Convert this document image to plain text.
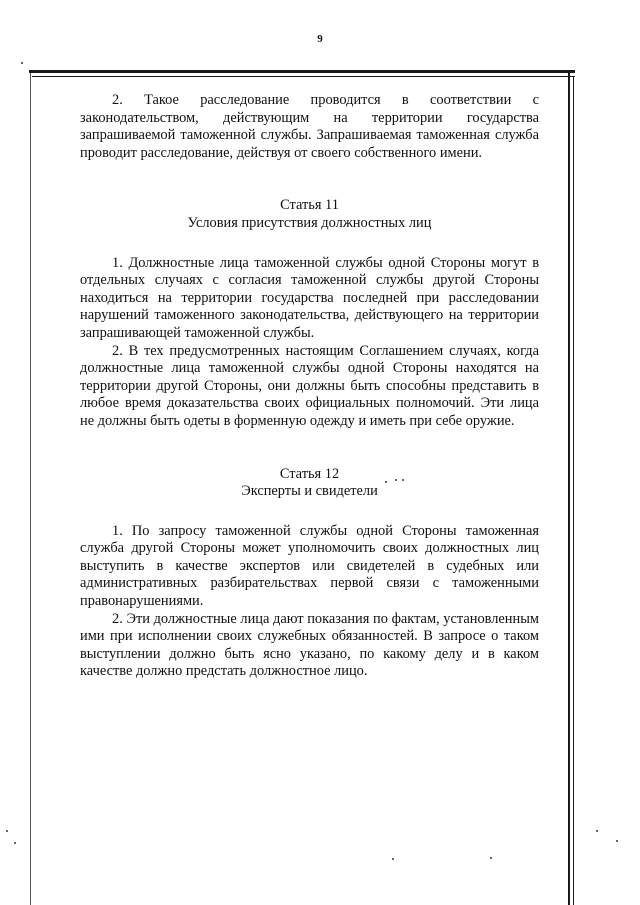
9

2. Такое расследование проводится в соответствии с законодательством, действующим на территории государства запрашиваемой таможенной службы. Запрашиваемая таможенная служба проводит расследование, действуя от своего собственного имени.

Статья 11

Условия присутствия должностных лиц

1. Должностные лица таможенной службы одной Стороны могут в отдельных случаях с согласия таможенной службы другой Стороны находиться на территории государства последней при расследовании нарушений таможенного законодательства, действующего на территории запрашивающей таможенной службы.

2. В тех предусмотренных настоящим Соглашением случаях, когда должностные лица таможенной службы одной Стороны находятся на территории другой Стороны, они должны быть способны представить в любое время доказательства своих официальных полномочий. Эти лица не должны быть одеты в форменную одежду и иметь при себе оружие.

Статья 12

Эксперты и свидетели

1. По запросу таможенной службы одной Стороны таможенная служба другой Стороны может уполномочить своих должностных лиц выступить в качестве экспертов или свидетелей в судебных или административных разбирательствах первой связи с таможенными правонарушениями.

2. Эти должностные лица дают показания по фактам, установленным ими при исполнении своих служебных обязанностей. В запросе о таком выступлении должно быть ясно указано, по какому делу и в каком качестве должно предстать должностное лицо.
